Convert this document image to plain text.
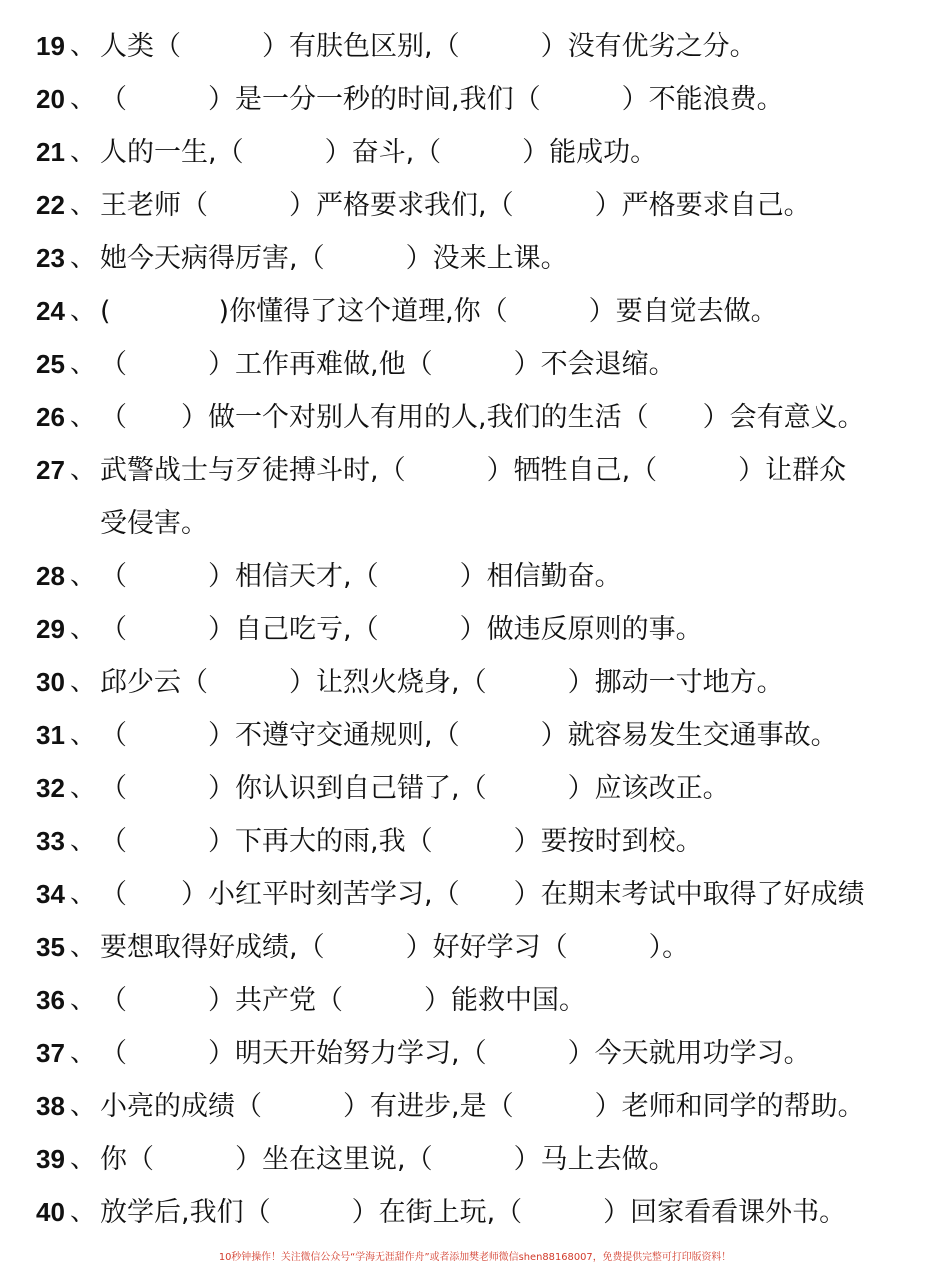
19 、 人类（　　　）有肤色区别,（　　　）没有优劣之分。
20 、 （　　　）是一分一秒的时间,我们（　　　）不能浪费。
21 、 人的一生,（　　　）奋斗,（　　　）能成功。
22 、 王老师（　　　）严格要求我们,（　　　）严格要求自己。
23 、 她今天病得厉害,（　　　）没来上课。
24 、 (　　　　)你懂得了这个道理,你（　　　）要自觉去做。
25 、 （　　　）工作再难做,他（　　　）不会退缩。
26 、 （　　）做一个对别人有用的人,我们的生活（　　）会有意义。
27 、 武警战士与歹徒搏斗时,（　　　）牺牲自己,（　　　）让群众
受侵害。
28 、 （　　　）相信天才,（　　　）相信勤奋。
29 、 （　　　）自己吃亏,（　　　）做违反原则的事。
30 、 邱少云（　　　）让烈火烧身,（　　　）挪动一寸地方。
31 、 （　　　）不遵守交通规则,（　　　）就容易发生交通事故。
32 、 （　　　）你认识到自己错了,（　　　）应该改正。
33 、 （　　　）下再大的雨,我（　　　）要按时到校。
34 、 （　　）小红平时刻苦学习,（　　）在期末考试中取得了好成绩
35 、 要想取得好成绩,（　　　）好好学习（　　　）。
36 、 （　　　）共产党（　　　）能救中国。
37 、 （　　　）明天开始努力学习,（　　　）今天就用功学习。
38 、 小亮的成绩（　　　）有进步,是（　　　）老师和同学的帮助。
39 、 你（　　　）坐在这里说,（　　　）马上去做。
40 、 放学后,我们（　　　）在街上玩,（　　　）回家看看课外书。
10秒钟操作！关注微信公众号“学海无涯甜作舟”或者添加樊老师微信shen88168007，免费提供完整可打印版资料！
